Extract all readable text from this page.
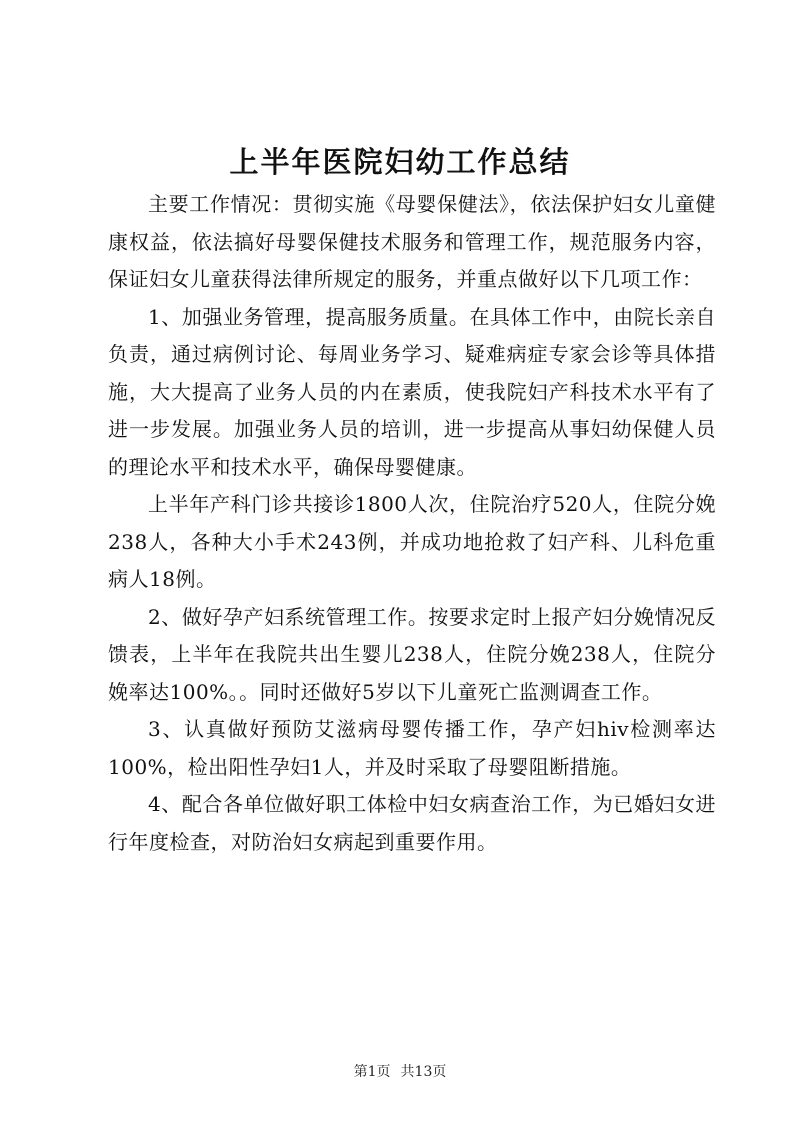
上半年医院妇幼工作总结

主要工作情况：贯彻实施《母婴保健法》，依法保护妇女儿童健康权益，依法搞好母婴保健技术服务和管理工作，规范服务内容，保证妇女儿童获得法律所规定的服务，并重点做好以下几项工作：

1、加强业务管理，提高服务质量。在具体工作中，由院长亲自负责，通过病例讨论、每周业务学习、疑难病症专家会诊等具体措施，大大提高了业务人员的内在素质，使我院妇产科技术水平有了进一步发展。加强业务人员的培训，进一步提高从事妇幼保健人员的理论水平和技术水平，确保母婴健康。

上半年产科门诊共接诊1800人次，住院治疗520人，住院分娩238人，各种大小手术243例，并成功地抢救了妇产科、儿科危重病人18例。

2、做好孕产妇系统管理工作。按要求定时上报产妇分娩情况反馈表，上半年在我院共出生婴儿238人，住院分娩238人，住院分娩率达100%。。同时还做好5岁以下儿童死亡监测调查工作。

3、认真做好预防艾滋病母婴传播工作，孕产妇hiv检测率达100%，检出阳性孕妇1人，并及时采取了母婴阻断措施。

4、配合各单位做好职工体检中妇女病查治工作，为已婚妇女进行年度检查，对防治妇女病起到重要作用。

第1页 共13页
